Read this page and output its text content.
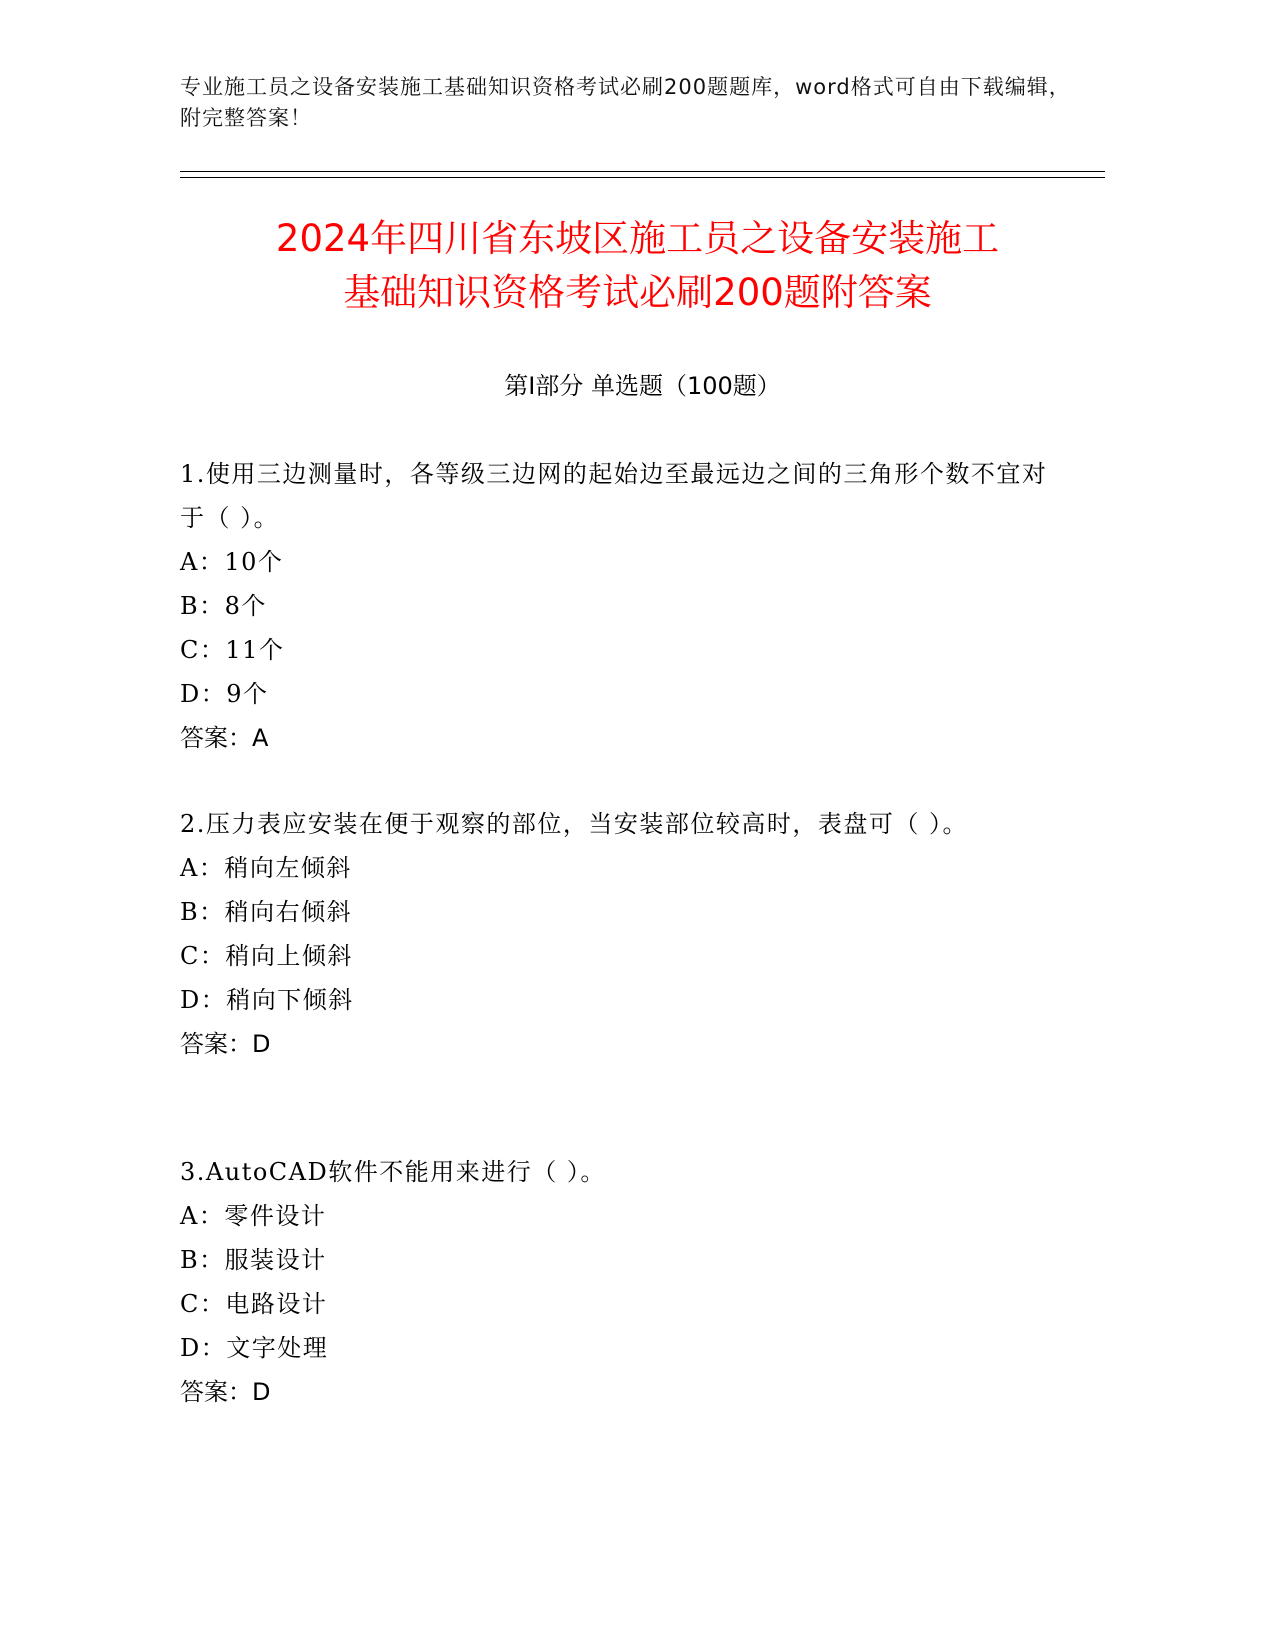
专业施工员之设备安装施工基础知识资格考试必刷200题题库，word格式可自由下载编辑，附完整答案！
2024年四川省东坡区施工员之设备安装施工
基础知识资格考试必刷200题附答案
第Ⅰ部分 单选题（100题）

1.使用三边测量时，各等级三边网的起始边至最远边之间的三角形个数不宜对于（ ）。

A：10个

B：8个

C：11个

D：9个

答案：A

2.压力表应安装在便于观察的部位，当安装部位较高时，表盘可（ ）。

A：稍向左倾斜

B：稍向右倾斜

C：稍向上倾斜

D：稍向下倾斜

答案：D

3.AutoCAD软件不能用来进行（ ）。

A：零件设计

B：服装设计

C：电路设计

D：文字处理

答案：D
